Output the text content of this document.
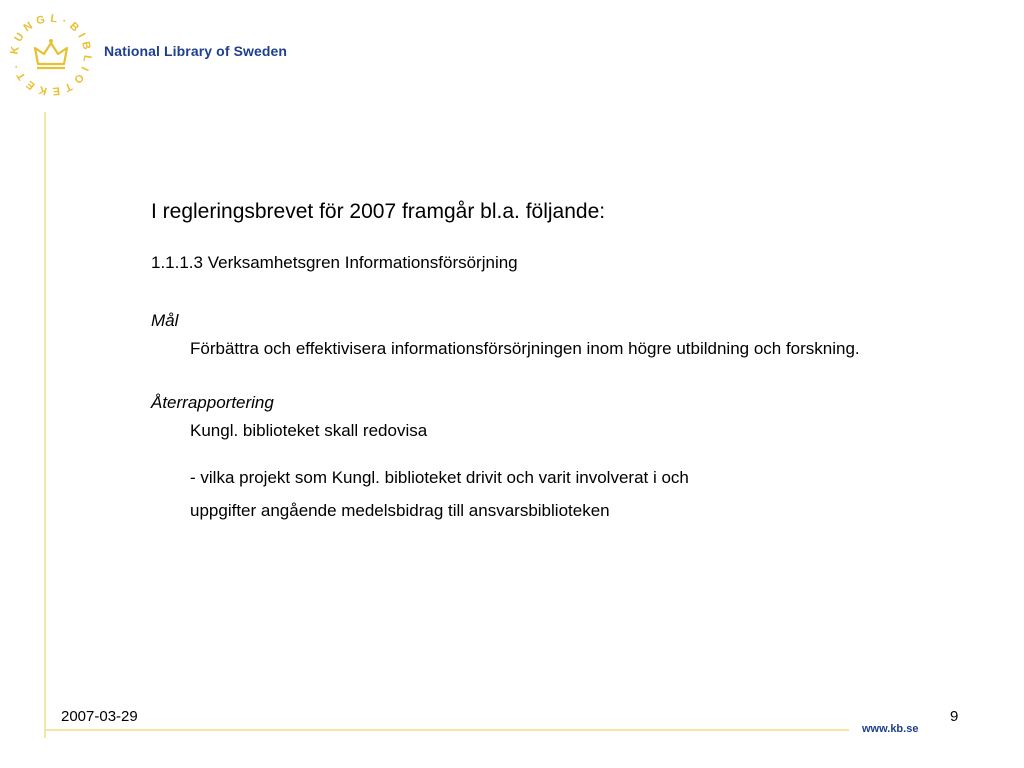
KUNGL·BIBLIOTEKET·
National Library of Sweden
I regleringsbrevet för 2007 framgår bl.a. följande:
1.1.1.3 Verksamhetsgren Informationsförsörjning
Mål
Förbättra och effektivisera informationsförsörjningen inom högre utbildning och forskning.
Återrapportering
Kungl. biblioteket skall redovisa
- vilka projekt som Kungl. biblioteket drivit och varit involverat i och
uppgifter angående medelsbidrag till ansvarsbiblioteken
2007-03-29	9
www.kb.se
